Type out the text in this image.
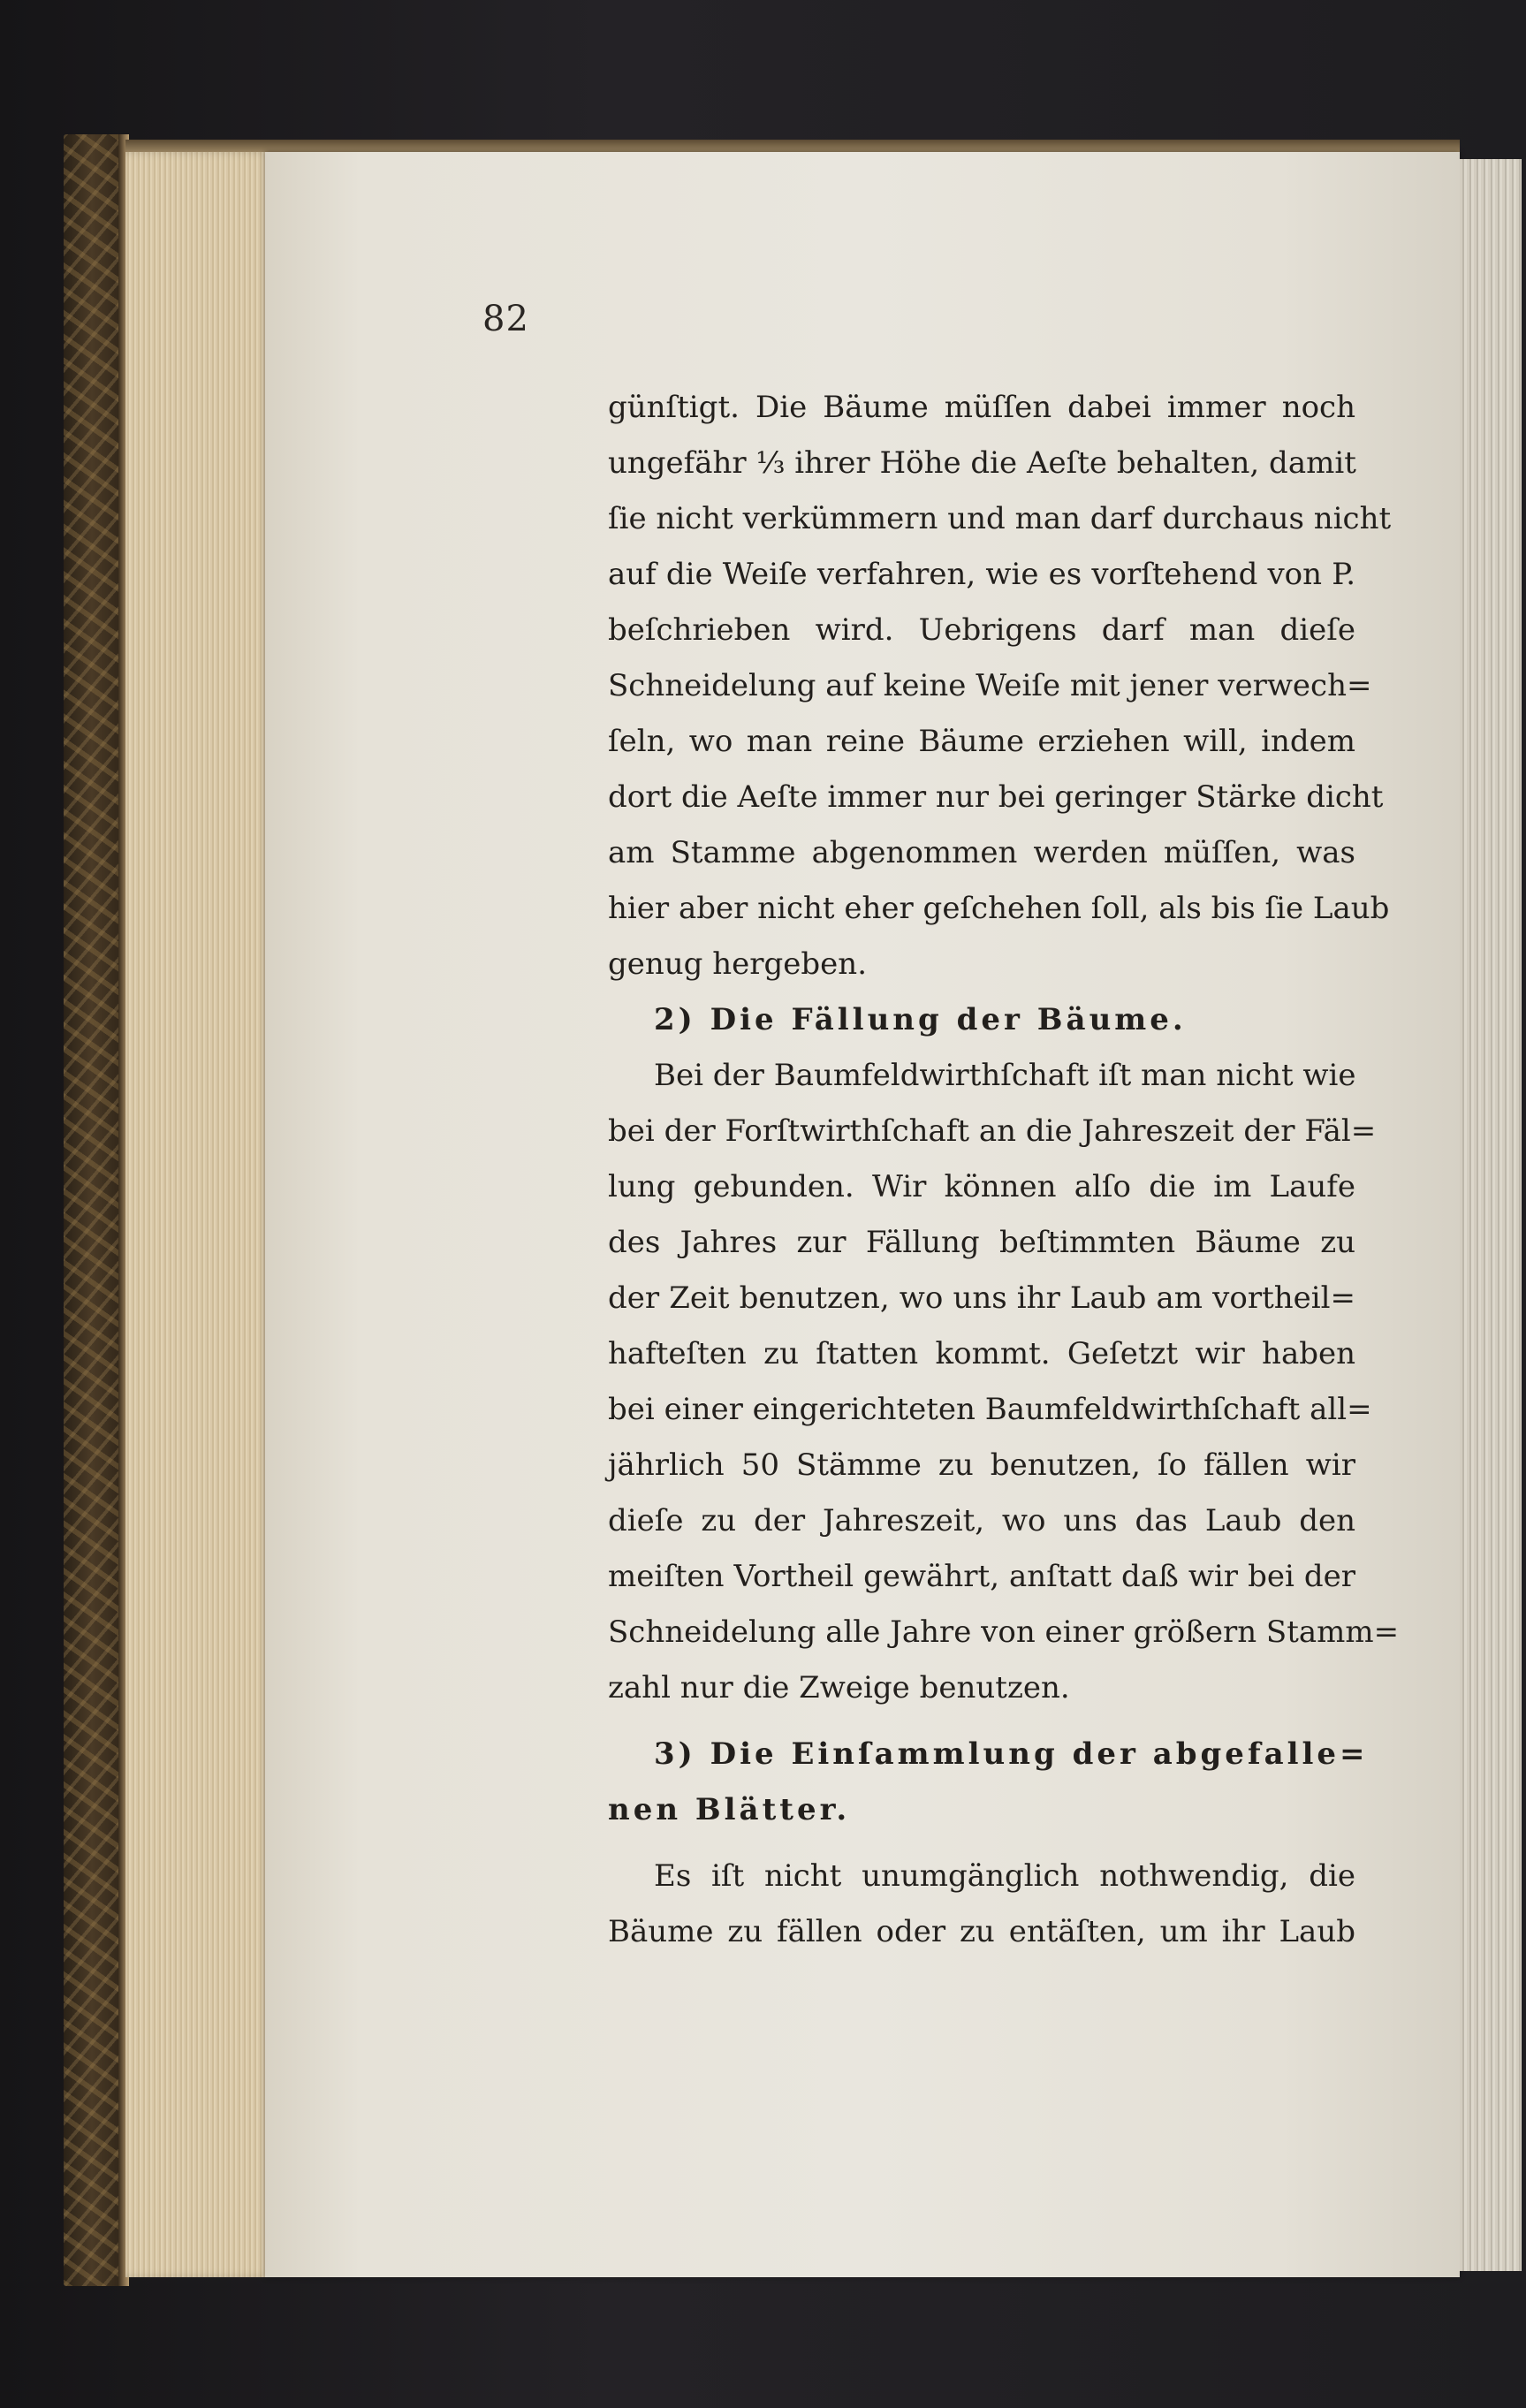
82
günſtigt. Die Bäume müſſen dabei immer noch
ungefähr ⅓ ihrer Höhe die Aeſte behalten, damit
ſie nicht verkümmern und man darf durchaus nicht
auf die Weiſe verfahren, wie es vorſtehend von P.
beſchrieben wird. Uebrigens darf man dieſe
Schneidelung auf keine Weiſe mit jener verwech=
ſeln, wo man reine Bäume erziehen will, indem
dort die Aeſte immer nur bei geringer Stärke dicht
am Stamme abgenommen werden müſſen, was
hier aber nicht eher geſchehen ſoll, als bis ſie Laub
genug hergeben.
2) Die Fällung der Bäume.
Bei der Baumfeldwirthſchaft iſt man nicht wie
bei der Forſtwirthſchaft an die Jahreszeit der Fäl=
lung gebunden. Wir können alſo die im Laufe
des Jahres zur Fällung beſtimmten Bäume zu
der Zeit benutzen, wo uns ihr Laub am vortheil=
hafteſten zu ſtatten kommt. Geſetzt wir haben
bei einer eingerichteten Baumfeldwirthſchaft all=
jährlich 50 Stämme zu benutzen, ſo fällen wir
dieſe zu der Jahreszeit, wo uns das Laub den
meiſten Vortheil gewährt, anſtatt daß wir bei der
Schneidelung alle Jahre von einer größern Stamm=
zahl nur die Zweige benutzen.
3) Die Einſammlung der abgefalle=
nen Blätter.
Es iſt nicht unumgänglich nothwendig, die
Bäume zu fällen oder zu entäſten, um ihr Laub
